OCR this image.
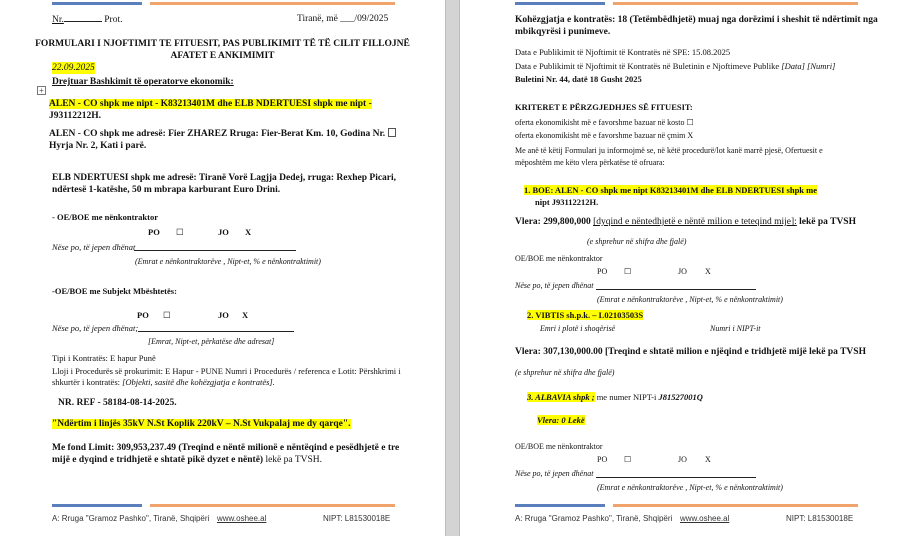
Nr.	Prot.	Tiranë, më ___/09/2025
FORMULARI I NJOFTIMIT TE FITUESIT, PAS PUBLIKIMIT TË TË CILIT FILLOJNË
AFATET E ANKIMIMIT
22.09.2025
Drejtuar Bashkimit të operatorve ekonomik:
+
ALEN - CO shpk me nipt - K83213401M dhe ELB NDERTUESI shpk me nipt -
J93112212H.
ALEN - CO shpk me adresë: Fier ZHAREZ Rruga: Fier-Berat Km. 10, Godina Nr.
Hyrja Nr. 2, Kati i parë.
ELB NDERTUESI shpk me adresë: Tiranë Vorë Lagjja Dedej, rruga: Rexhep Picari,
ndërtesë 1-katëshe, 50 m mbrapa karburant Euro Drini.
- OE/BOE me nënkontraktor
PO ☐	JO X
Nëse po, të jepen dhënat
(Emrat e nënkontraktorëve , Nipt-et, % e nënkontraktimit)
-OE/BOE me Subjekt Mbështetës:
PO ☐	JO X
Nëse po, të jepen dhënat;
[Emrat, Nipt-et, përkatëse dhe adresat]
Tipi i Kontratës: E hapur Punë
Lloji i Procedurës së prokurimit: E Hapur - PUNE Numri i Procedurës / referenca e Lotit: Përshkrimi i
shkurtër i kontratës: [Objekti, sasitë dhe kohëzgjatja e kontratës].
NR. REF - 58184-08-14-2025.
"Ndërtim i linjës 35kV N.St Koplik 220kV – N.St Vukpalaj me dy qarqe".
Me fond Limit: 309,953,237.49 (Treqind e nëntë milionë e nëntëqind e pesëdhjetë e tre
mijë e dyqind e tridhjetë e shtatë pikë dyzet e nëntë) lekë pa TVSH.
A: Rruga "Gramoz Pashko", Tiranë, Shqipëri www.oshee.al	NIPT: L81530018E
Kohëzgjatja e kontratës: 18 (Tetëmbëdhjetë) muaj nga dorëzimi i sheshit të ndërtimit nga
mbikqyrësi i punimeve.
Data e Publikimit të Njoftimit të Kontratës në SPE: 15.08.2025
Data e Publikimit të Njoftimit të Kontratës në Buletinin e Njoftimeve Publike [Data] [Numri]
Buletini Nr. 44, datë 18 Gusht 2025
KRITERET E PËRZGJEDHJES SË FITUESIT:
oferta ekonomikisht më e favorshme bazuar në kosto ☐
oferta ekonomikisht më e favorshme bazuar në çmim X
Me anë të këtij Formulari ju informojmë se, në këtë procedurë/lot kanë marrë pjesë, Ofertuesit e
mëposhtëm me këto vlera përkatëse të ofruara:
1. BOE: ALEN - CO shpk me nipt K83213401M dhe ELB NDERTUESI shpk me
nipt J93112212H.
Vlera: 299,800,000 [dyqind e nëntedhjetë e nëntë milion e teteqind mije]: lekë pa TVSH
(e shprehur në shifra dhe fjalë)
OE/BOE me nënkontraktor
PO ☐	JO X
Nëse po, të jepen dhënat
(Emrat e nënkontraktorëve , Nipt-et, % e nënkontraktimit)
2. VIBTIS sh.p.k. – L02103503S
Emri i plotë i shoqërisë	Numri i NIPT-it
Vlera: 307,130,000.00 [Treqind e shtatë milion e njëqind e tridhjetë mijë lekë pa TVSH
(e shprehur në shifra dhe fjalë)
3. ALBAVIA shpk ; me numer NIPT-i J81527001Q
Vlera: 0 Lekë
OE/BOE me nënkontraktor
PO ☐	JO X
Nëse po, të jepen dhënat
(Emrat e nënkontraktorëve , Nipt-et, % e nënkontraktimit)
A: Rruga "Gramoz Pashko", Tiranë, Shqipëri www.oshee.al	NIPT: L81530018E
